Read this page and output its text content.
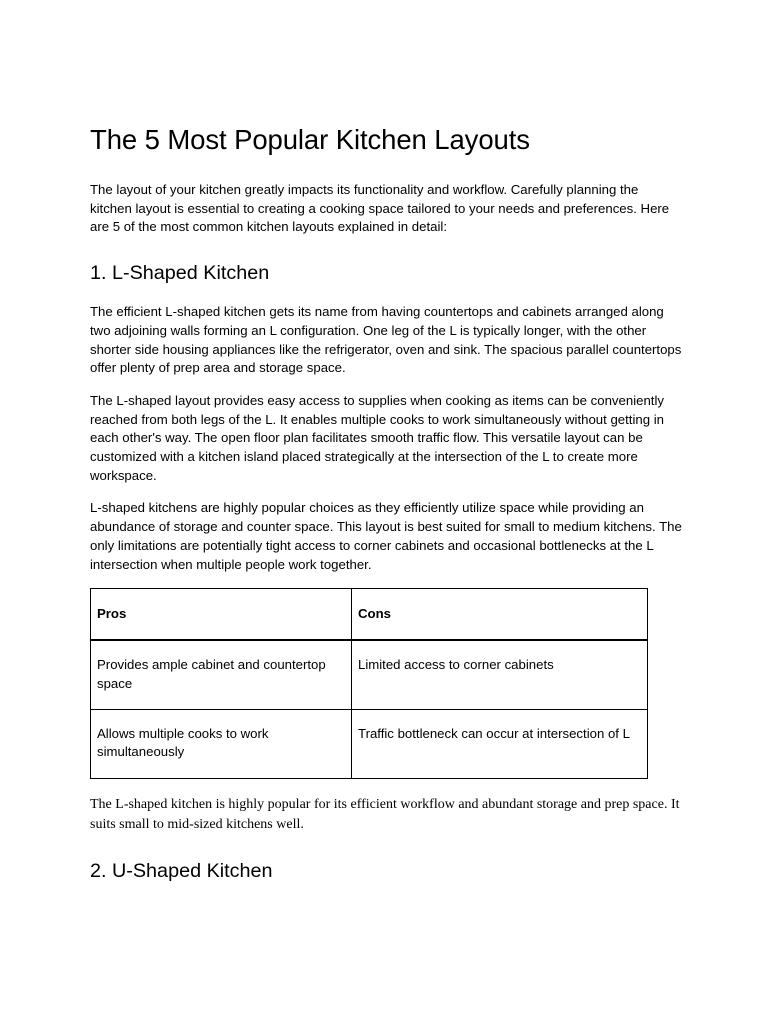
The 5 Most Popular Kitchen Layouts

The layout of your kitchen greatly impacts its functionality and workflow. Carefully planning the kitchen layout is essential to creating a cooking space tailored to your needs and preferences. Here are 5 of the most common kitchen layouts explained in detail:

1. L-Shaped Kitchen

The efficient L-shaped kitchen gets its name from having countertops and cabinets arranged along two adjoining walls forming an L configuration. One leg of the L is typically longer, with the other shorter side housing appliances like the refrigerator, oven and sink. The spacious parallel countertops offer plenty of prep area and storage space.

The L-shaped layout provides easy access to supplies when cooking as items can be conveniently reached from both legs of the L. It enables multiple cooks to work simultaneously without getting in each other's way. The open floor plan facilitates smooth traffic flow. This versatile layout can be customized with a kitchen island placed strategically at the intersection of the L to create more workspace.

L-shaped kitchens are highly popular choices as they efficiently utilize space while providing an abundance of storage and counter space. This layout is best suited for small to medium kitchens. The only limitations are potentially tight access to corner cabinets and occasional bottlenecks at the L intersection when multiple people work together.

Pros	Cons
Provides ample cabinet and countertop space	Limited access to corner cabinets
Allows multiple cooks to work simultaneously	Traffic bottleneck can occur at intersection of L

The L-shaped kitchen is highly popular for its efficient workflow and abundant storage and prep space. It suits small to mid-sized kitchens well.

2. U-Shaped Kitchen
